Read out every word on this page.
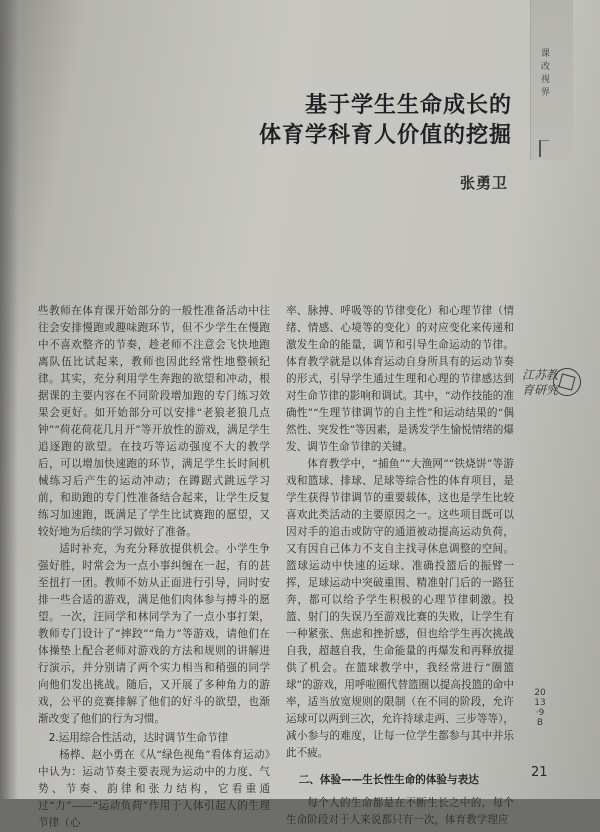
课改视界
基于学生生命成长的
体育学科育人价值的挖掘
张勇卫

些教师在体育课开始部分的一般性准备活动中往往会安排慢跑或趣味跑环节，但不少学生在慢跑中不喜欢整齐的节奏，趁老师不注意会飞快地跑离队伍比试起来，教师也因此经常性地整顿纪律。其实，充分利用学生奔跑的欲望和冲动，根据课的主要内容在不同阶段增加跑的专门练习效果会更好。如开始部分可以安排“老狼老狼几点钟”“荷花荷花几月开”等开放性的游戏，满足学生追逐跑的欲望。在技巧等运动强度不大的教学后，可以增加快速跑的环节，满足学生长时间机械练习后产生的运动冲动；在蹲踞式跳远学习前，和助跑的专门性准备结合起来，让学生反复练习加速跑，既满足了学生比试赛跑的愿望，又较好地为后续的学习做好了准备。

适时补充，为充分释放提供机会。小学生争强好胜，时常会为一点小事纠缠在一起，有的甚至扭打一团。教师不妨从正面进行引导，同时安排一些合适的游戏，满足他们肉体参与搏斗的愿望。一次，汪同学和林同学为了一点小事打架，教师专门设计了“摔跤”“角力”等游戏，请他们在体操垫上配合老师对游戏的方法和规则的讲解进行演示，并分别请了两个实力相当和稍强的同学向他们发出挑战。随后，又开展了多种角力的游戏，公平的竞赛排解了他们的好斗的欲望，也渐渐改变了他们的行为习惯。

2.运用综合性活动，达时调节生命节律

杨桦、赵小勇在《从“绿色视角”看体育运动》中认为：运动节奏主要表现为运动中的力度、气势、节奏、韵律和张力结构，它看重通过“力”——“运动负荷”作用于人体引起人的生理节律（心

率、脉搏、呼吸等的节律变化）和心理节律（情绪、情感、心境等的变化）的对应变化来传递和激发生命的能量，调节和引导生命运动的节律。体育教学就是以体育运动自身所具有的运动节奏的形式，引导学生通过生理和心理的节律感达到对生命节律的影响和调试。其中，“动作技能的准确性”“生理节律调节的自主性”和运动结果的“偶然性、突发性”等因素，是诱发学生愉悦情绪的爆发、调节生命节律的关键。

体育教学中，“捕鱼”“大渔网”“铁烧饼”等游戏和篮球、排球、足球等综合性的体育项目，是学生获得节律调节的重要载体，这也是学生比较喜欢此类活动的主要原因之一。这些项目既可以因对手的追击或防守的通道被动提高运动负荷，又有因自己体力不支自主找寻休息调整的空间。篮球运动中快速的运球、准确投篮后的振臂一挥，足球运动中突破重围、精准射门后的一路狂奔，都可以给予学生积极的心理节律刺激。投篮、射门的失误乃至游戏比赛的失败，让学生有一种紧张、焦虑和挫折感，但也给学生再次挑战自我，超越自我，生命能量的再爆发和再释放提供了机会。在篮球教学中，我经常进行“圈篮球”的游戏，用呼啦圈代替篮圈以提高投篮的命中率，适当放宽规则的限制（在不同的阶段，允许运球可以两到三次，允许持球走两、三步等等），减小参与的难度，让每一位学生都参与其中并乐此不疲。

二、体验——生长性生命的体验与表达

每个人的生命都是在不断生长之中的，每个生命阶段对于人来说都只有一次，体育教学理应

江苏教育研究
2013·9B
21
